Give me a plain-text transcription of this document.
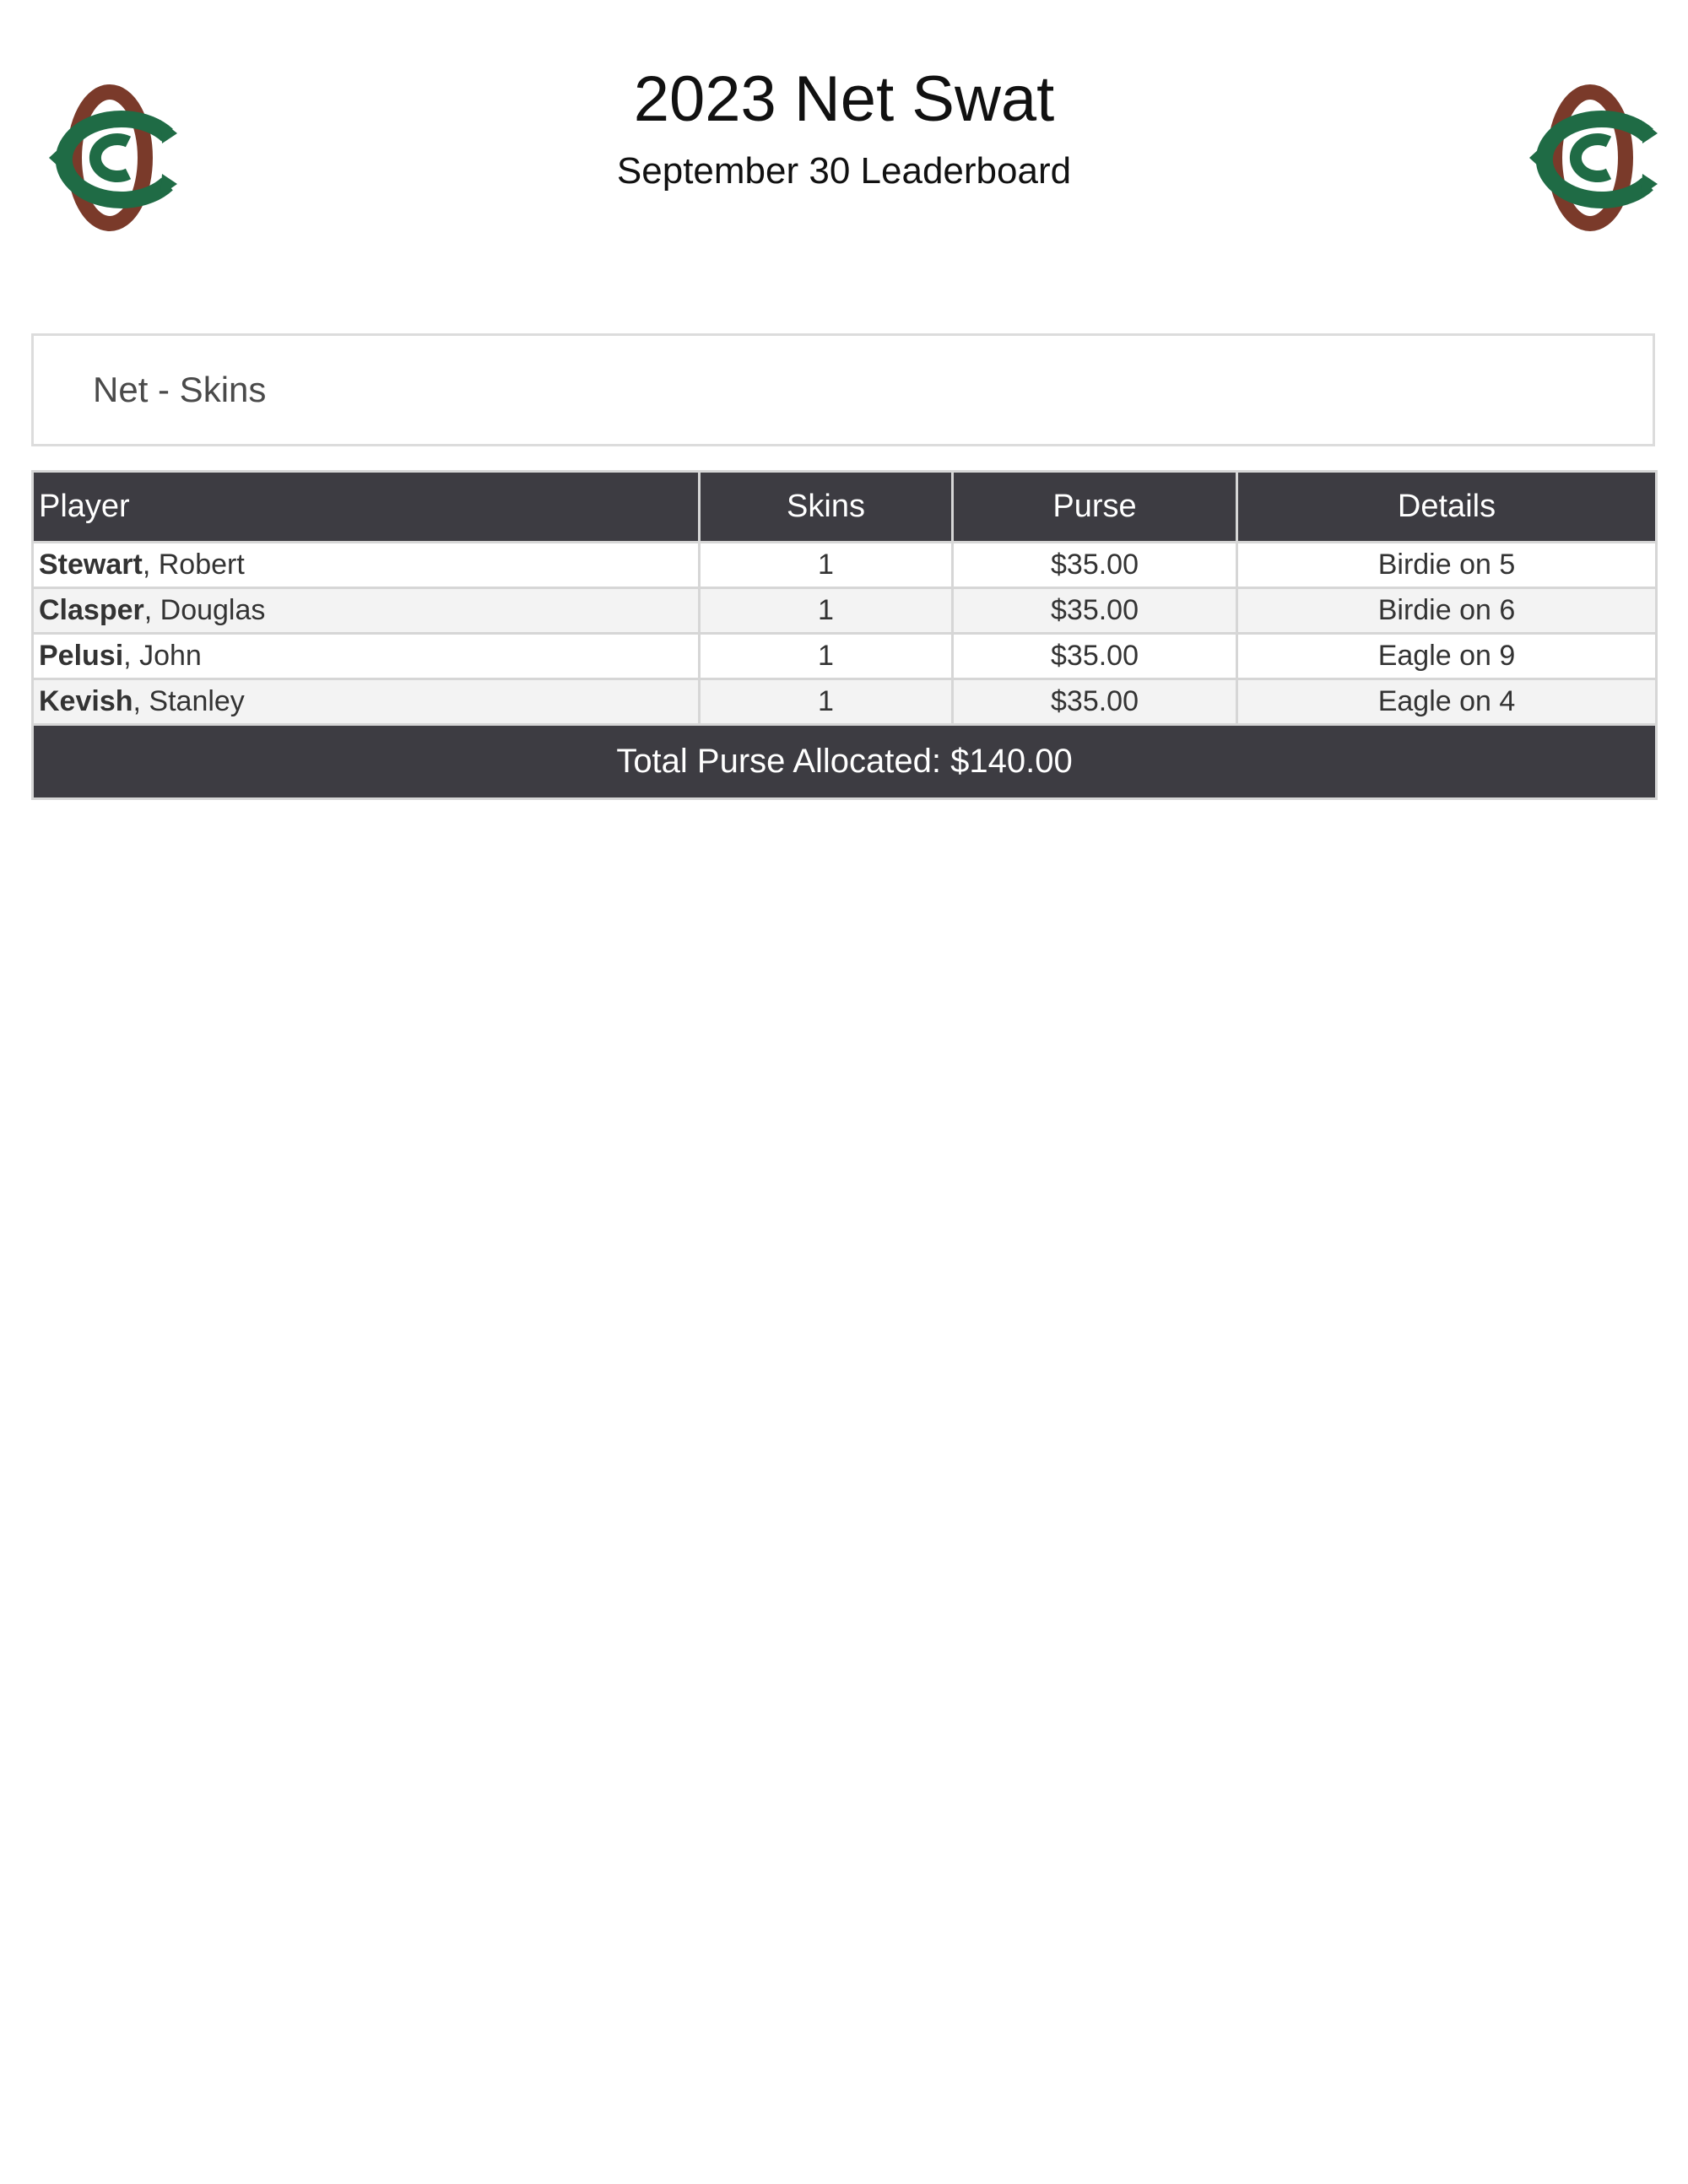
2023 Net Swat
September 30 Leaderboard
Net - Skins
Player	Skins	Purse	Details
Stewart, Robert	1	$35.00	Birdie on 5
Clasper, Douglas	1	$35.00	Birdie on 6
Pelusi, John	1	$35.00	Eagle on 9
Kevish, Stanley	1	$35.00	Eagle on 4
Total Purse Allocated: $140.00			
